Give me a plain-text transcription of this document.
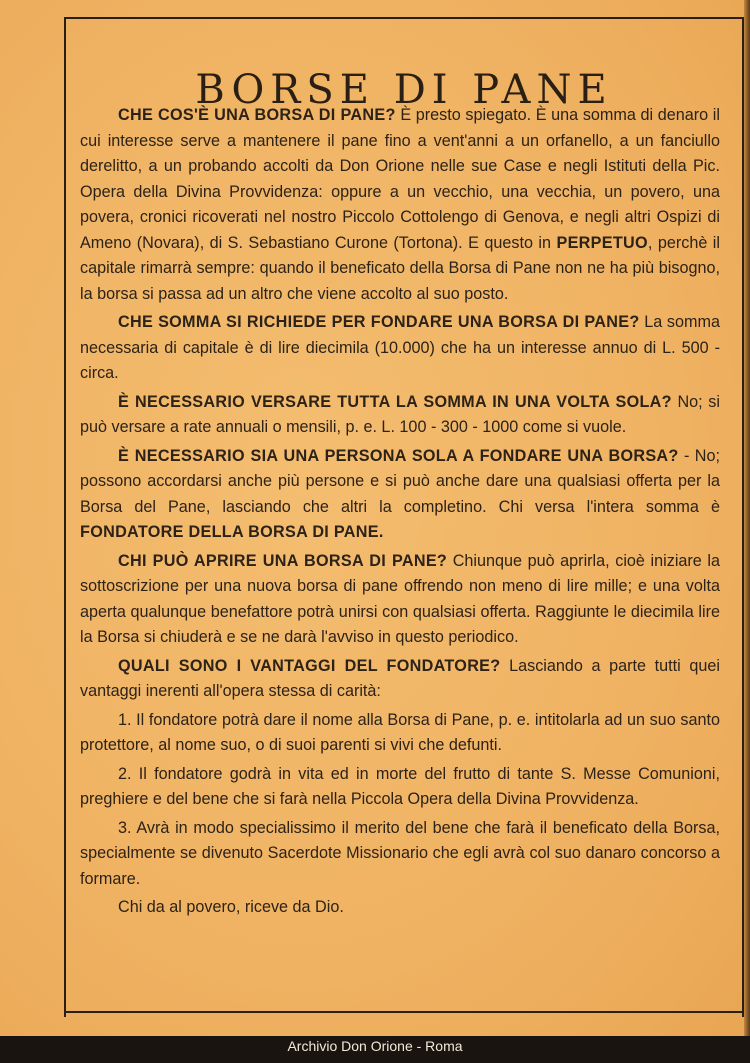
BORSE DI PANE

CHE COS'È UNA BORSA DI PANE? È presto spiegato. È una somma di denaro il cui interesse serve a mantenere il pane fino a vent'anni a un orfanello, a un fanciullo derelitto, a un probando accolti da Don Orione nelle sue Case e negli Istituti della Pic. Opera della Divina Provvidenza: oppure a un vecchio, una vecchia, un povero, una povera, cronici ricoverati nel nostro Piccolo Cottolengo di Genova, e negli altri Ospizi di Ameno (Novara), di S. Sebastiano Curone (Tortona). E questo in PERPETUO, perchè il capitale rimarrà sempre: quando il beneficato della Borsa di Pane non ne ha più bisogno, la borsa si passa ad un altro che viene accolto al suo posto.

CHE SOMMA SI RICHIEDE PER FONDARE UNA BORSA DI PANE? La somma necessaria di capitale è di lire diecimila (10.000) che ha un interesse annuo di L. 500 - circa.

È NECESSARIO VERSARE TUTTA LA SOMMA IN UNA VOLTA SOLA? No; si può versare a rate annuali o mensili, p. e. L. 100 - 300 - 1000 come si vuole.

È NECESSARIO SIA UNA PERSONA SOLA A FONDARE UNA BORSA? - No; possono accordarsi anche più persone e si può anche dare una qualsiasi offerta per la Borsa del Pane, lasciando che altri la completino. Chi versa l'intera somma è FONDATORE DELLA BORSA DI PANE.

CHI PUÒ APRIRE UNA BORSA DI PANE? Chiunque può aprirla, cioè iniziare la sottoscrizione per una nuova borsa di pane offrendo non meno di lire mille; e una volta aperta qualunque benefattore potrà unirsi con qualsiasi offerta. Raggiunte le diecimila lire la Borsa si chiuderà e se ne darà l'avviso in questo periodico.

QUALI SONO I VANTAGGI DEL FONDATORE? Lasciando a parte tutti quei vantaggi inerenti all'opera stessa di carità:

1. Il fondatore potrà dare il nome alla Borsa di Pane, p. e. intitolarla ad un suo santo protettore, al nome suo, o di suoi parenti si vivi che defunti.

2. Il fondatore godrà in vita ed in morte del frutto di tante S. Messe Comunioni, preghiere e del bene che si farà nella Piccola Opera della Divina Provvidenza.

3. Avrà in modo specialissimo il merito del bene che farà il beneficato della Borsa, specialmente se divenuto Sacerdote Missionario che egli avrà col suo danaro concorso a formare.

Chi da al povero, riceve da Dio.

Archivio Don Orione - Roma
